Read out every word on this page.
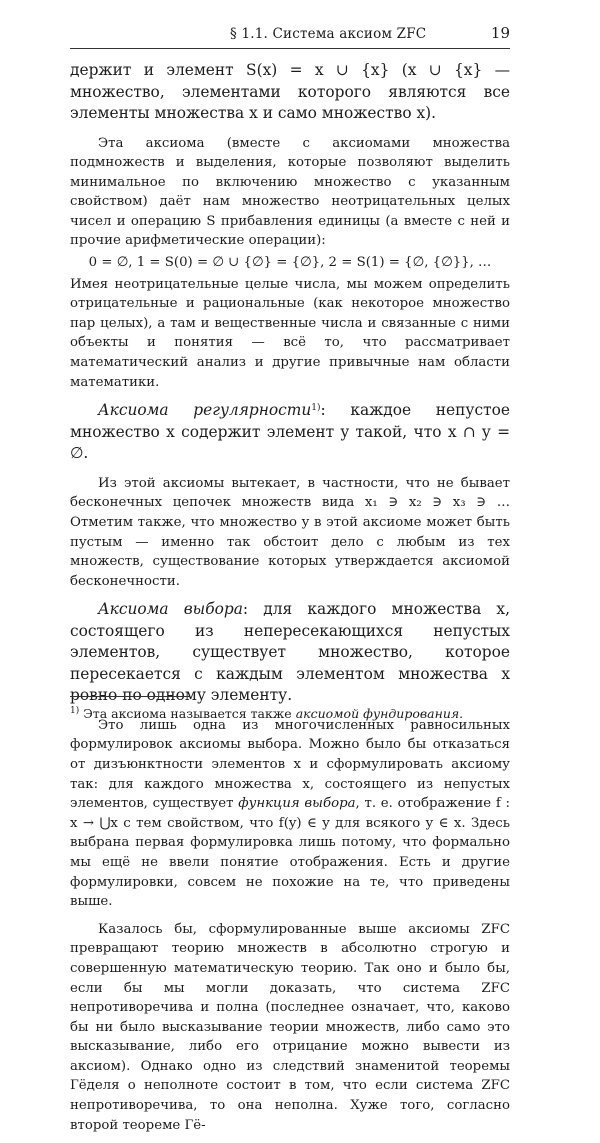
§ 1.1. Система аксиом ZFC	19

держит и элемент S(x) = x ∪ {x} (x ∪ {x} — множество, элементами которого являются все элементы множества x и само множество x).

Эта аксиома (вместе с аксиомами множества подмножеств и выделения, которые позволяют выделить минимальное по включению множество с указанным свойством) даёт нам множество неотрицательных целых чисел и операцию S прибавления единицы (а вместе с ней и прочие арифметические операции):

0 = ∅, 1 = S(0) = ∅ ∪ {∅} = {∅}, 2 = S(1) = {∅, {∅}}, …

Имея неотрицательные целые числа, мы можем определить отрицательные и рациональные (как некоторое множество пар целых), а там и вещественные числа и связанные с ними объекты и понятия — всё то, что рассматривает математический анализ и другие привычные нам области математики.

Аксиома регулярности$^{1)}$: каждое непустое множество x содержит элемент y такой, что x ∩ y = ∅.

Из этой аксиомы вытекает, в частности, что не бывает бесконечных цепочек множеств вида x₁ ∋ x₂ ∋ x₃ ∋ … Отметим также, что множество y в этой аксиоме может быть пустым — именно так обстоит дело с любым из тех множеств, существование которых утверждается аксиомой бесконечности.

Аксиома выбора: для каждого множества x, состоящего из непересекающихся непустых элементов, существует множество, которое пересекается с каждым элементом множества x ровно по одному элементу.

Это лишь одна из многочисленных равносильных формулировок аксиомы выбора. Можно было бы отказаться от дизъюнктности элементов x и сформулировать аксиому так: для каждого множества x, состоящего из непустых элементов, существует функция выбора, т. е. отображение f : x → ⋃x с тем свойством, что f(y) ∈ y для всякого y ∈ x. Здесь выбрана первая формулировка лишь потому, что формально мы ещё не ввели понятие отображения. Есть и другие формулировки, совсем не похожие на те, что приведены выше.

Казалось бы, сформулированные выше аксиомы ZFC превращают теорию множеств в абсолютно строгую и совершенную математическую теорию. Так оно и было бы, если бы мы могли доказать, что система ZFC непротиворечива и полна (последнее означает, что, каково бы ни было высказывание теории множеств, либо само это высказывание, либо его отрицание можно вывести из аксиом). Однако одно из следствий знаменитой теоремы Гёделя о неполноте состоит в том, что если система ZFC непротиворечива, то она неполна. Хуже того, согласно второй теореме Гё-

$^{1)}$ Эта аксиома называется также аксиомой фундирования.
